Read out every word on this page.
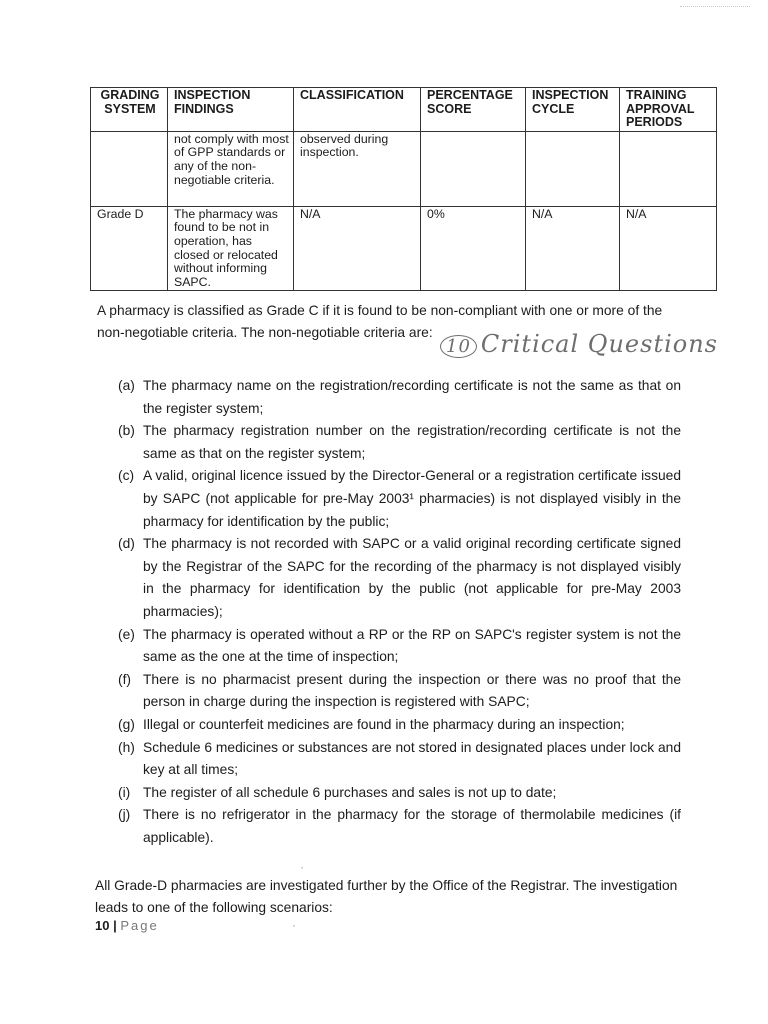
GRADING SYSTEM	INSPECTION FINDINGS	CLASSIFICATION	PERCENTAGE SCORE	INSPECTION CYCLE	TRAINING APPROVAL PERIODS
	not comply with most of GPP standards or any of the non-negotiable criteria.	observed during inspection.			
Grade D	The pharmacy was found to be not in operation, has closed or relocated without informing SAPC.	N/A	0%	N/A	N/A

A pharmacy is classified as Grade C if it is found to be non-compliant with one or more of the non-negotiable criteria. The non-negotiable criteria are:

10 Critical Questions
(a) The pharmacy name on the registration/recording certificate is not the same as that on the register system;
(b) The pharmacy registration number on the registration/recording certificate is not the same as that on the register system;
(c) A valid, original licence issued by the Director-General or a registration certificate issued by SAPC (not applicable for pre-May 2003¹ pharmacies) is not displayed visibly in the pharmacy for identification by the public;
(d) The pharmacy is not recorded with SAPC or a valid original recording certificate signed by the Registrar of the SAPC for the recording of the pharmacy is not displayed visibly in the pharmacy for identification by the public (not applicable for pre-May 2003 pharmacies);
(e) The pharmacy is operated without a RP or the RP on SAPC's register system is not the same as the one at the time of inspection;
(f) There is no pharmacist present during the inspection or there was no proof that the person in charge during the inspection is registered with SAPC;
(g) Illegal or counterfeit medicines are found in the pharmacy during an inspection;
(h) Schedule 6 medicines or substances are not stored in designated places under lock and key at all times;
(i) The register of all schedule 6 purchases and sales is not up to date;
(j) There is no refrigerator in the pharmacy for the storage of thermolabile medicines (if applicable).

All Grade-D pharmacies are investigated further by the Office of the Registrar. The investigation leads to one of the following scenarios:

10 | Page
·
·
